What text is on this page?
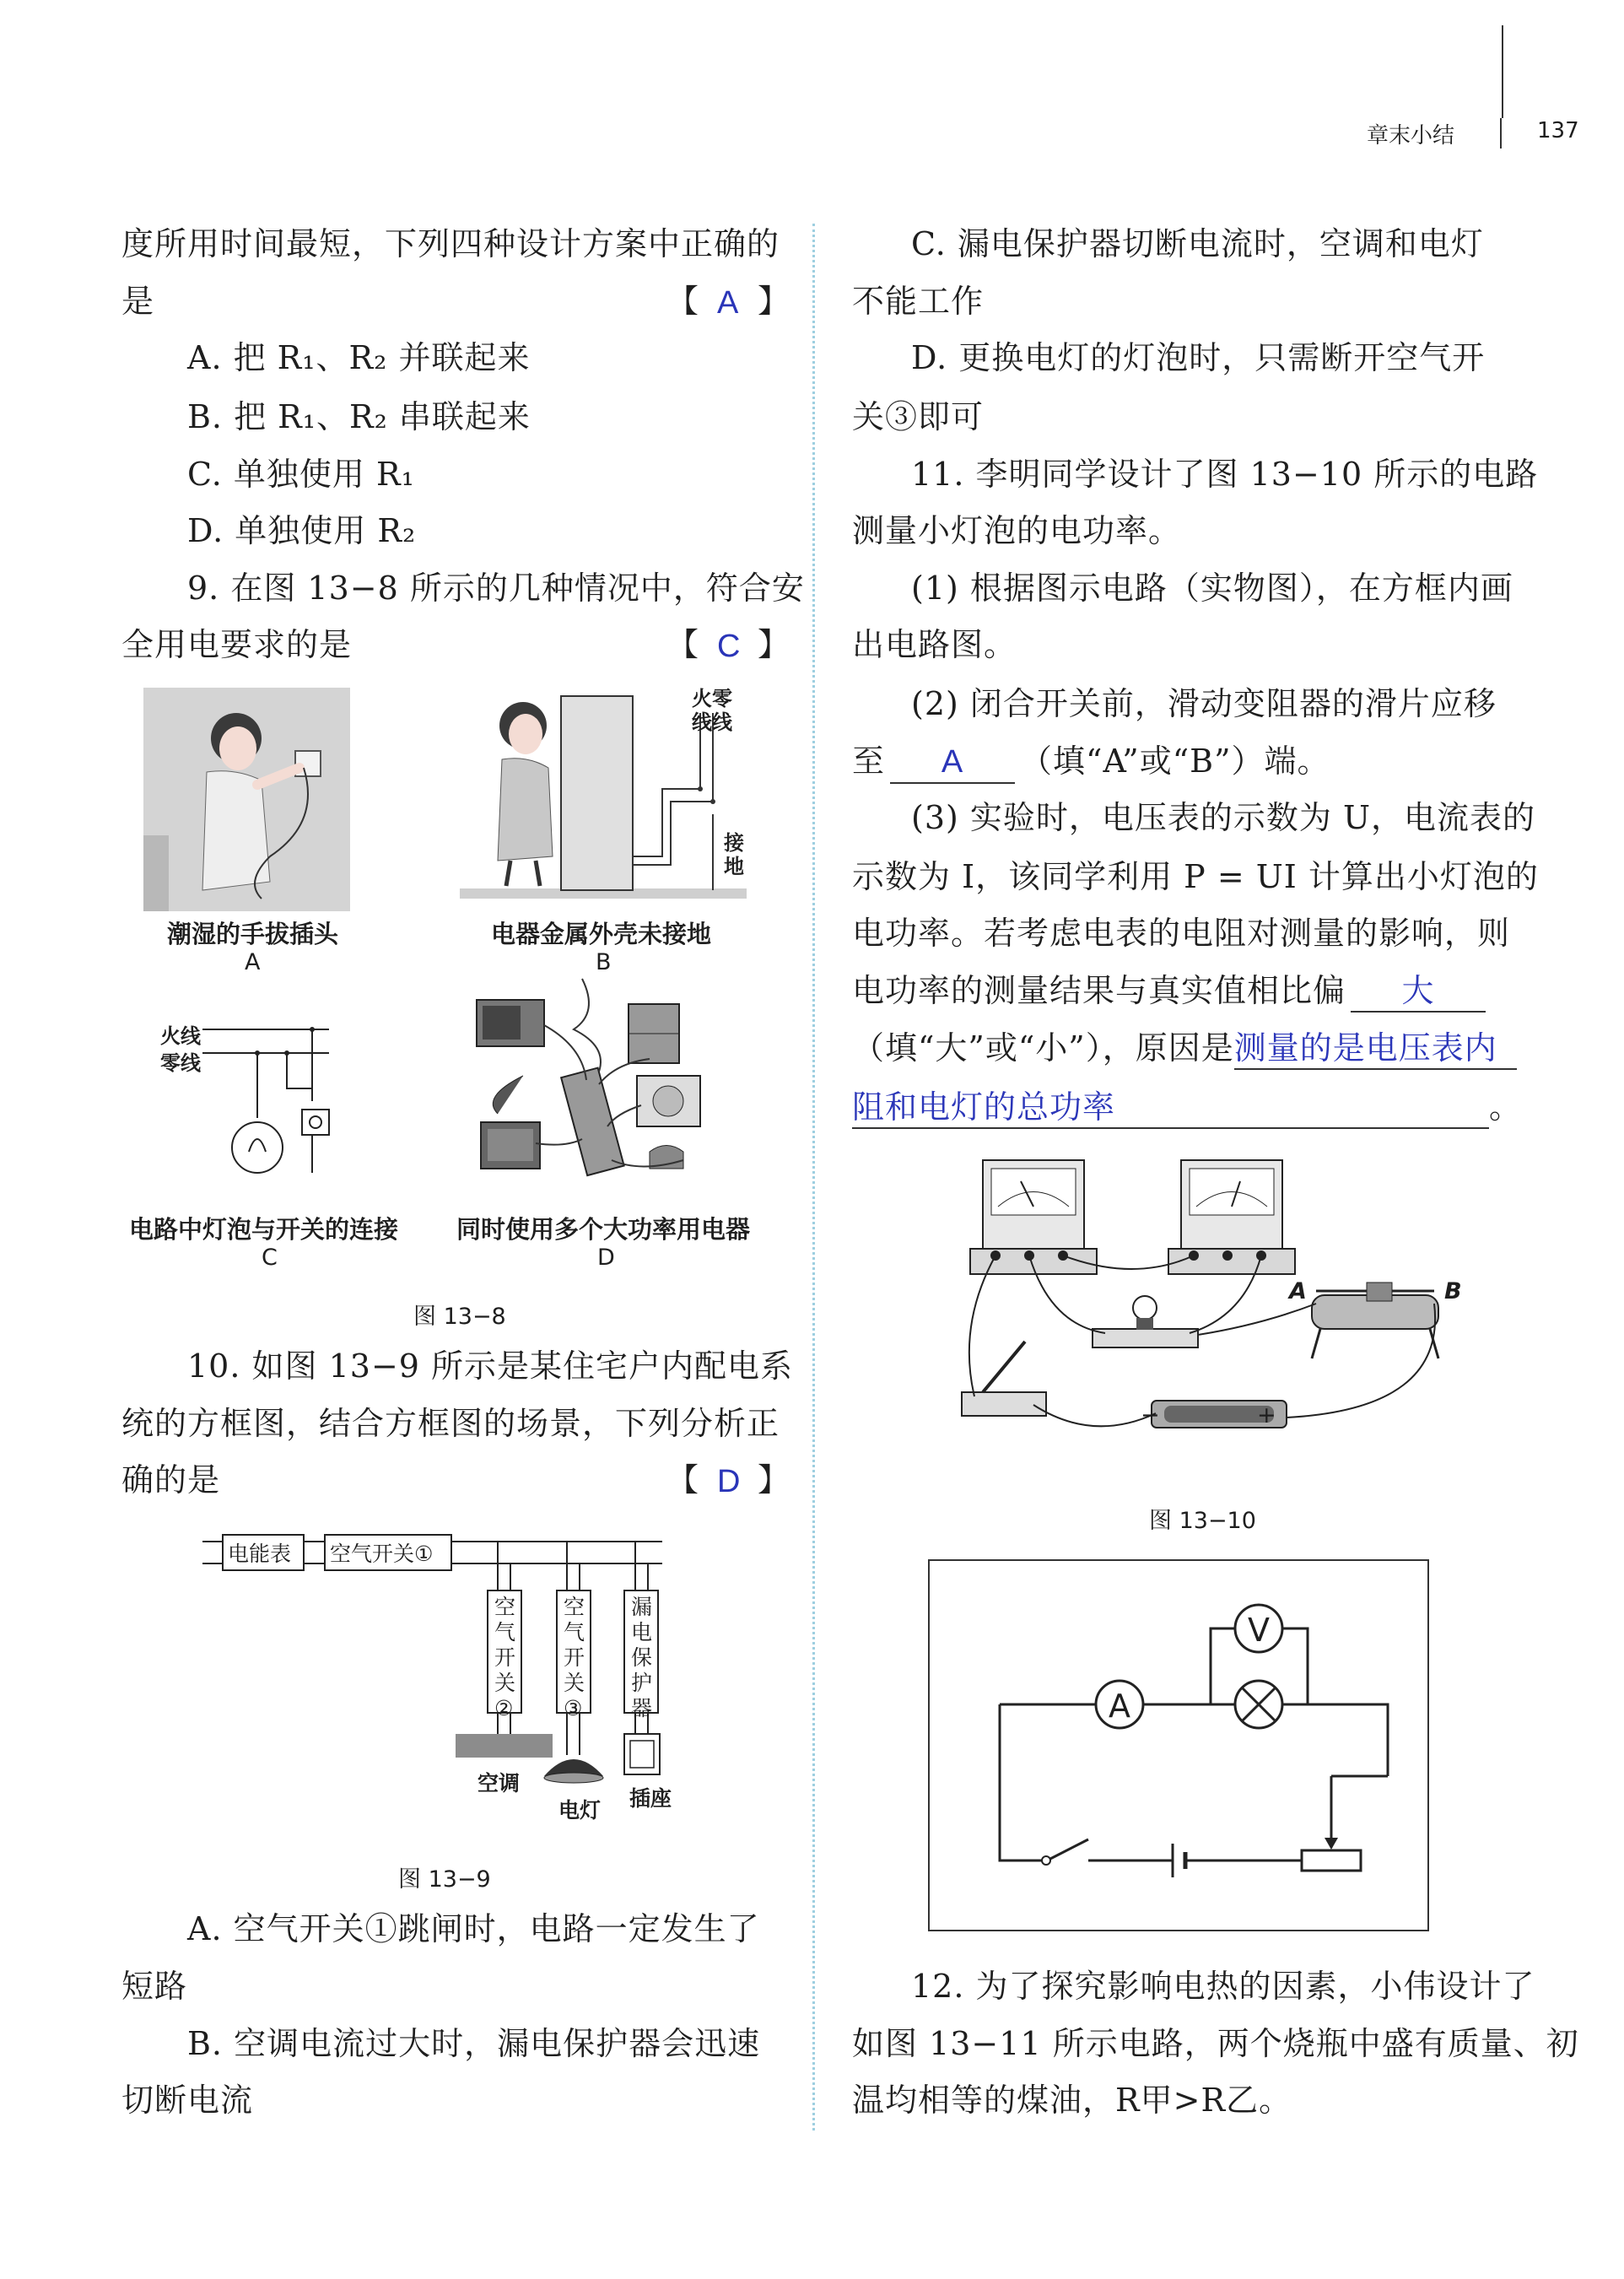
章末小结	137
度所用时间最短，下列四种设计方案中正确的
是	【 A 】
A. 把 R₁、R₂ 并联起来
B. 把 R₁、R₂ 串联起来
C. 单独使用 R₁
D. 单独使用 R₂
9. 在图 13−8 所示的几种情况中，符合安
全用电要求的是	【 C 】
潮湿的手拔插头
A
火零
线线
接地
电器金属外壳未接地
B
火线
零线
电路中灯泡与开关的连接
C
同时使用多个大功率用电器
D
图 13−8
10. 如图 13−9 所示是某住宅户内配电系
统的方框图，结合方框图的场景，下列分析正
确的是	【 D 】
电能表 空气开关①
空气开关②
空气开关③
漏电保护器
空调
电灯 插座
图 13−9
A. 空气开关①跳闸时，电路一定发生了
短路
B. 空调电流过大时，漏电保护器会迅速
切断电流
C. 漏电保护器切断电流时，空调和电灯
不能工作
D. 更换电灯的灯泡时，只需断开空气开
关③即可
11. 李明同学设计了图 13−10 所示的电路
测量小灯泡的电功率。
(1) 根据图示电路（实物图），在方框内画
出电路图。
(2) 闭合开关前，滑动变阻器的滑片应移
至 A （填“A”或“B”）端。
(3) 实验时，电压表的示数为 U，电流表的
示数为 I，该同学利用 P = UI 计算出小灯泡的
电功率。若考虑电表的电阻对测量的影响，则
电功率的测量结果与真实值相比偏 大
（填“大”或“小”），原因是测量的是电压表内
阻和电灯的总功率	。
A	B
−	+
图 13−10
V
A
12. 为了探究影响电热的因素，小伟设计了
如图 13−11 所示电路，两个烧瓶中盛有质量、初
温均相等的煤油，R甲>R乙。
